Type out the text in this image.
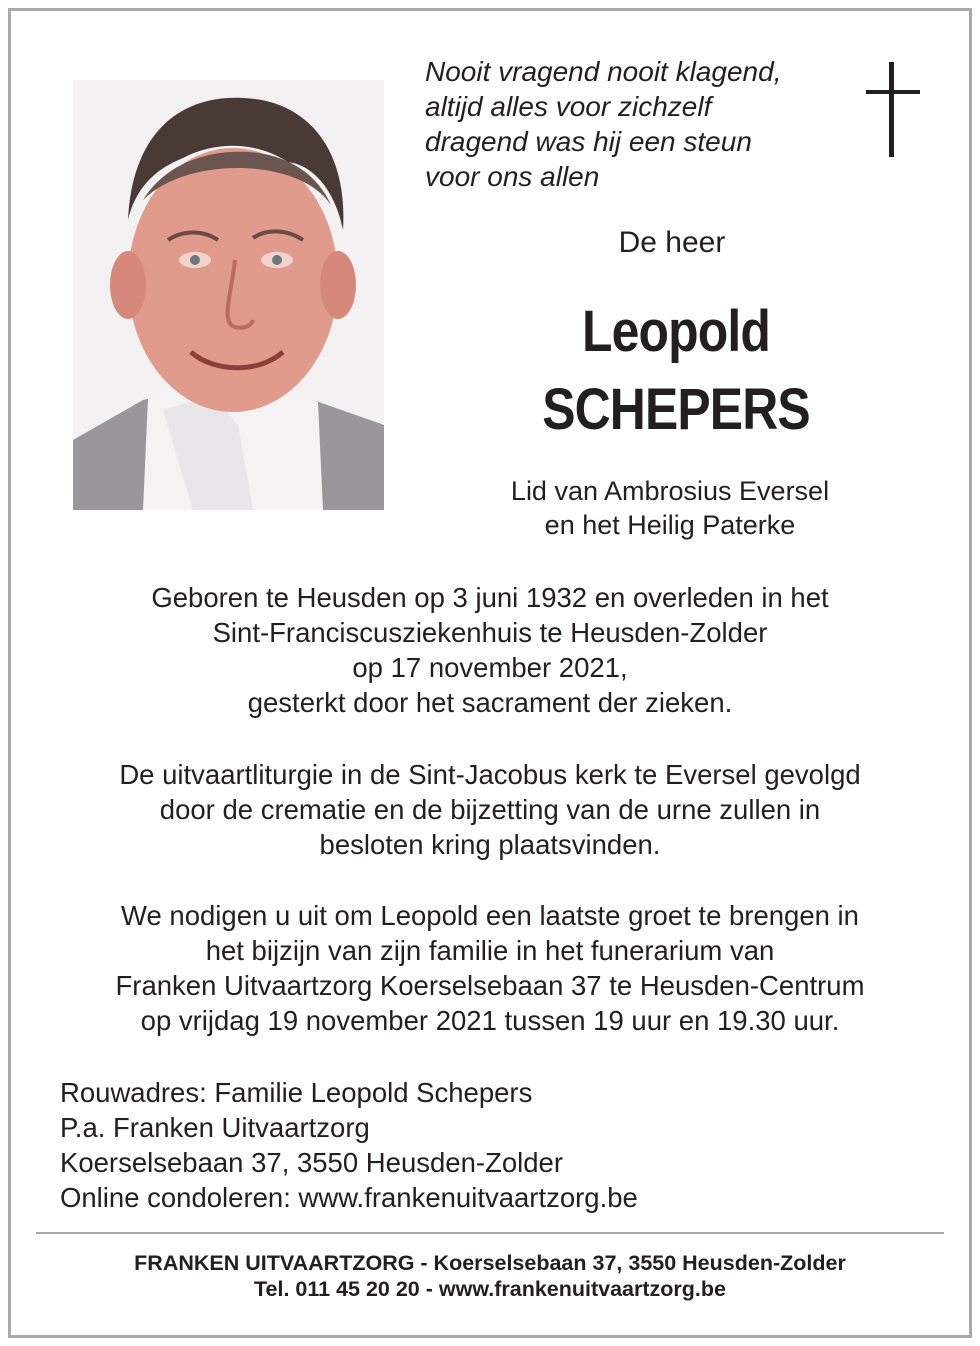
Nooit vragend nooit klagend,
altijd alles voor zichzelf
dragend was hij een steun
voor ons allen
De heer
Leopold
SCHEPERS
Lid van Ambrosius Eversel
en het Heilig Paterke
Geboren te Heusden op 3 juni 1932 en overleden in het
Sint-Franciscusziekenhuis te Heusden-Zolder
op 17 november 2021,
gesterkt door het sacrament der zieken.
De uitvaartliturgie in de Sint-Jacobus kerk te Eversel gevolgd
door de crematie en de bijzetting van de urne zullen in
besloten kring plaatsvinden.
We nodigen u uit om Leopold een laatste groet te brengen in
het bijzijn van zijn familie in het funerarium van
Franken Uitvaartzorg Koerselsebaan 37 te Heusden-Centrum
op vrijdag 19 november 2021 tussen 19 uur en 19.30 uur.
Rouwadres: Familie Leopold Schepers
P.a. Franken Uitvaartzorg
Koerselsebaan 37, 3550 Heusden-Zolder
Online condoleren: www.frankenuitvaartzorg.be
FRANKEN UITVAARTZORG - Koerselsebaan 37, 3550 Heusden-Zolder
Tel. 011 45 20 20 - www.frankenuitvaartzorg.be
